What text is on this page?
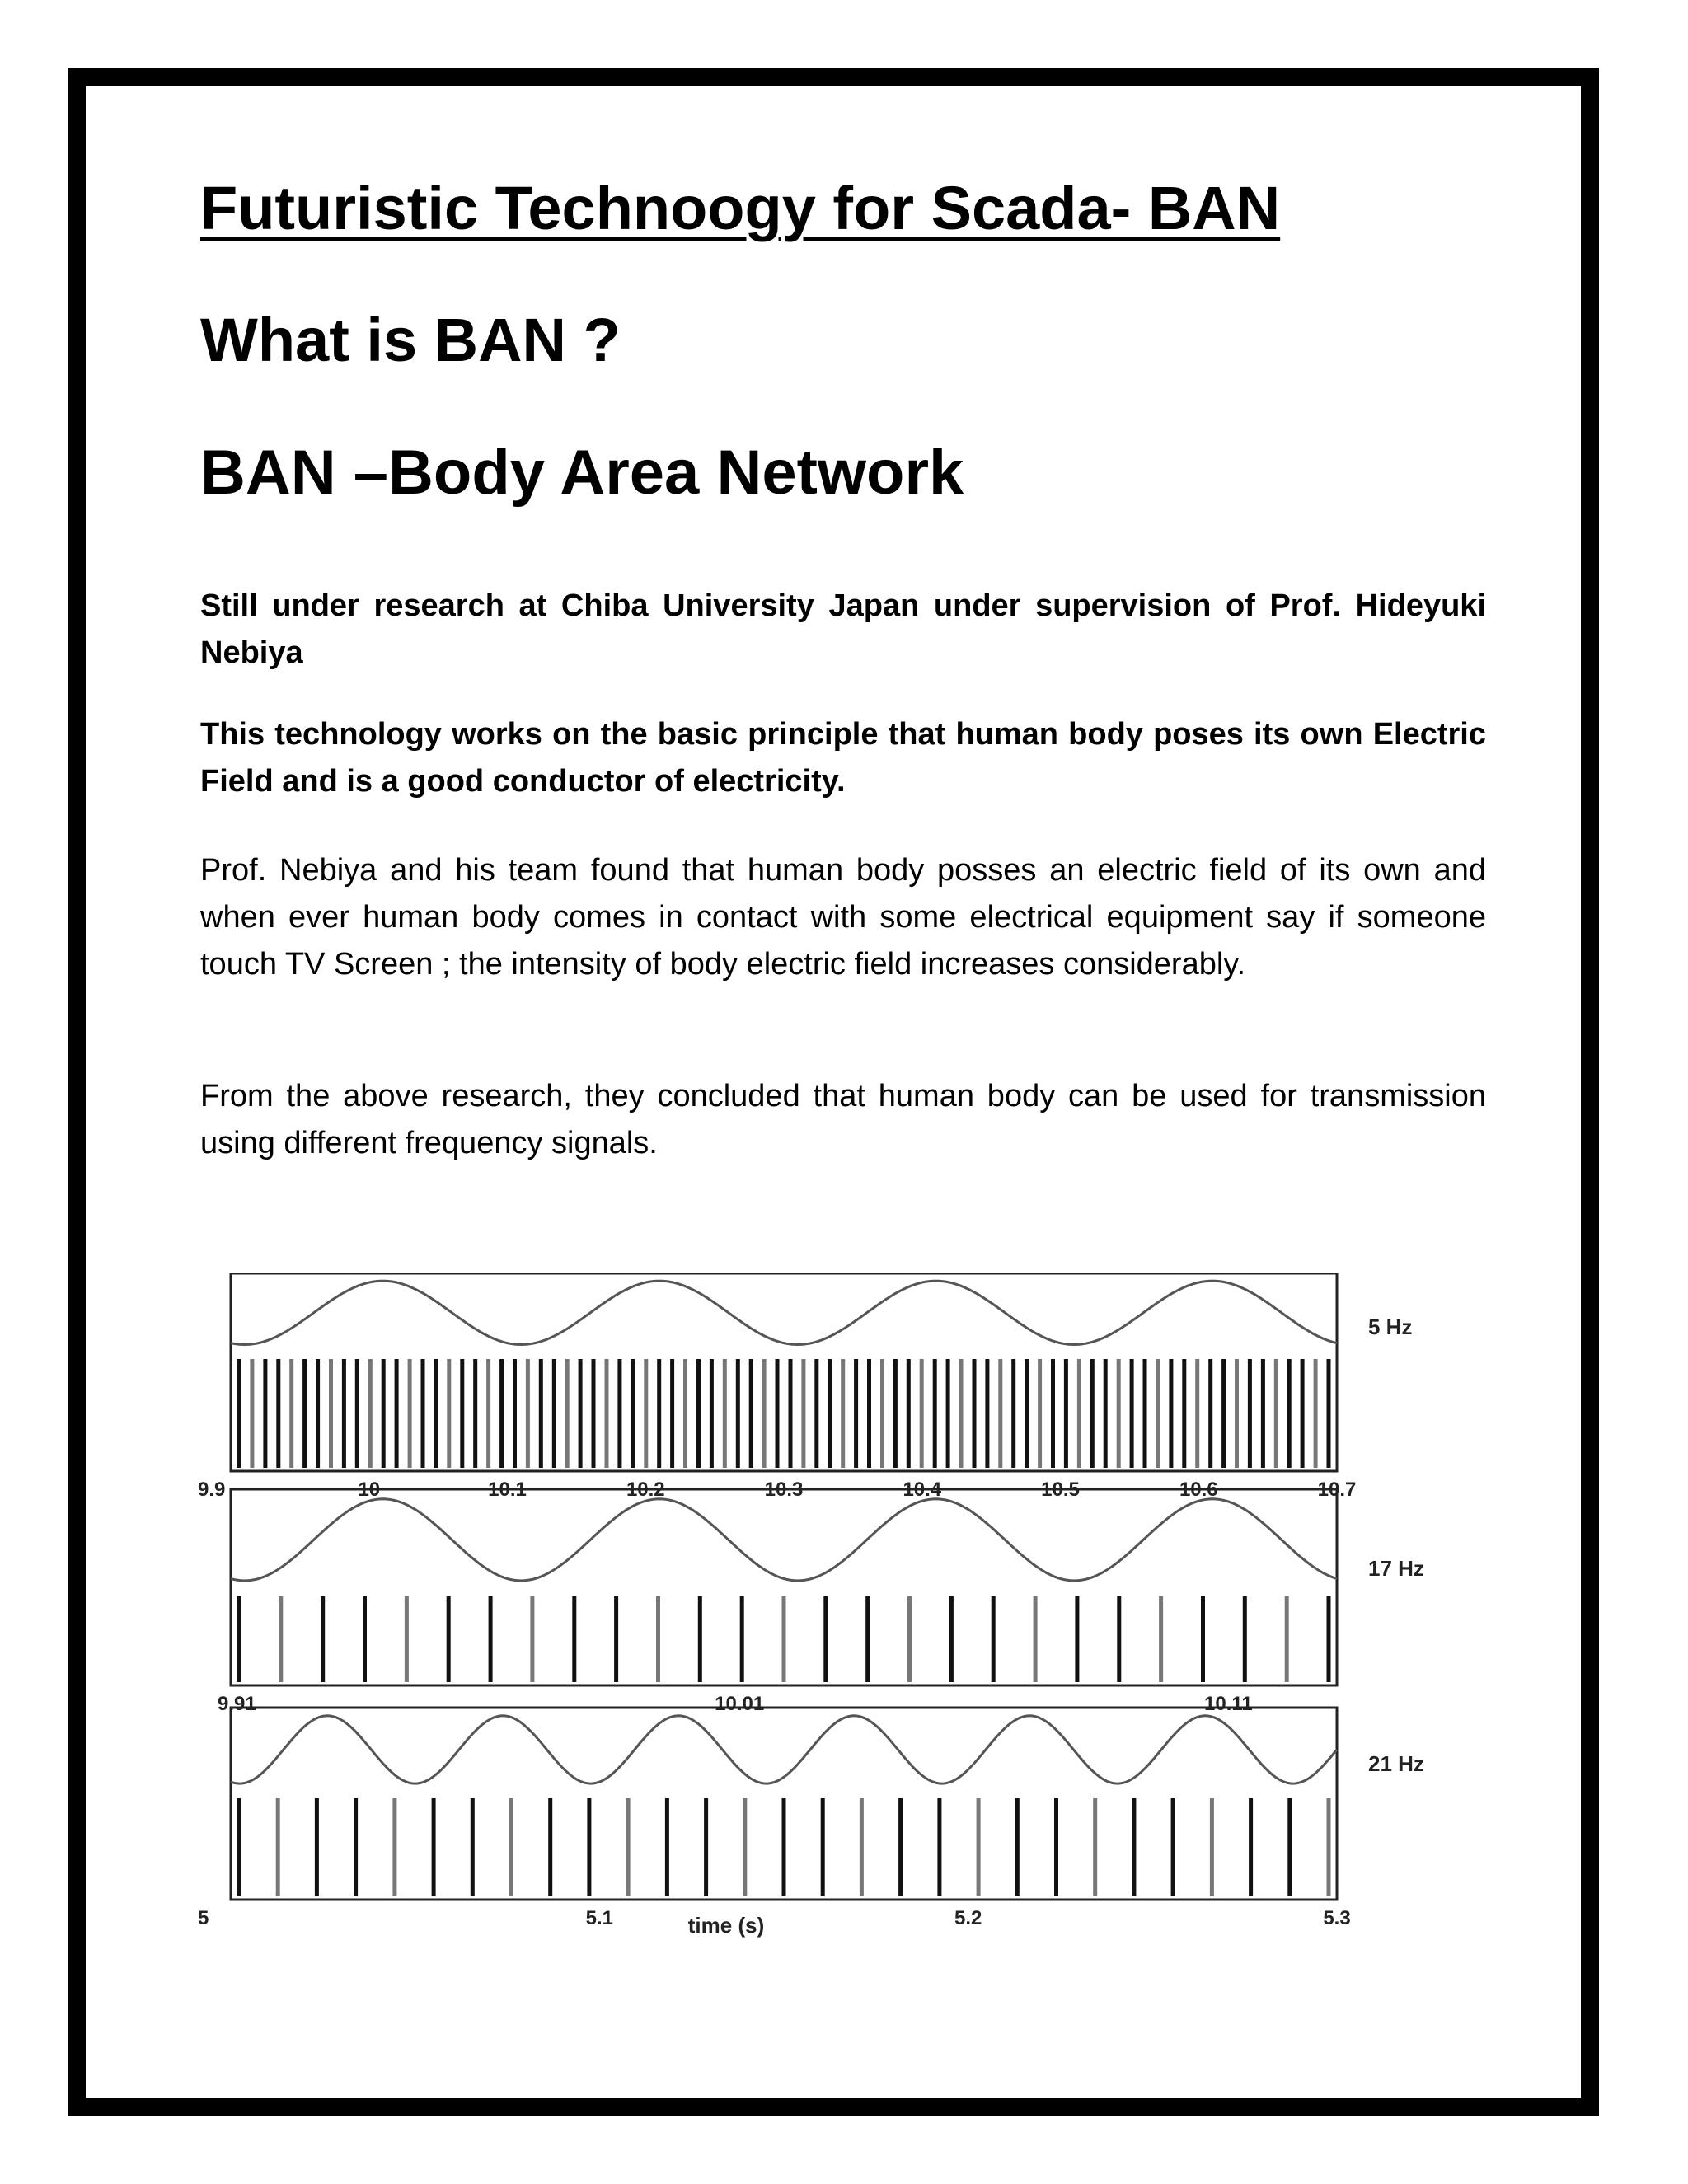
Futuristic Technoogy for Scada- BAN
What is BAN ?
BAN –Body Area Network

Still under research at Chiba University Japan under supervision of Prof. Hideyuki Nebiya

This technology works on the basic principle that human body poses its own Electric Field and is a good conductor of electricity.

Prof. Nebiya and his team found that human body posses an electric field of its own and when ever human body comes in contact with some electrical equipment say if someone touch TV Screen ; the intensity of body electric field increases considerably.

From the above research, they concluded that human body can be used for transmission using different frequency signals.

5 Hz
9.9	10	10.1	10.2	10.3	10.4	10.5	10.6	10.7
17 Hz
9.91	10.01	10.11
21 Hz
5	5.1	5.2	5.3
time (s)
